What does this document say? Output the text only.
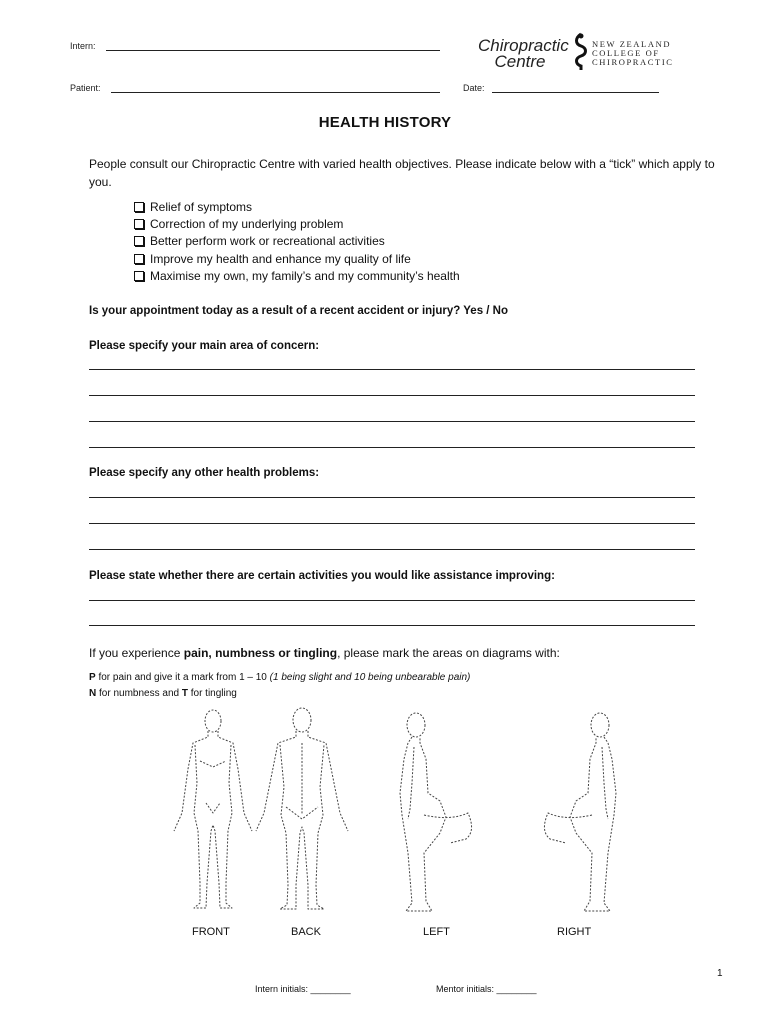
Intern:
Patient:	Date:
Chiropractic
Centre
NEW ZEALAND
COLLEGE OF
CHIROPRACTIC
HEALTH HISTORY
People consult our Chiropractic Centre with varied health objectives. Please indicate below with a “tick” which apply to you.
Relief of symptoms
Correction of my underlying problem
Better perform work or recreational activities
Improve my health and enhance my quality of life
Maximise my own, my family’s and my community’s health
Is your appointment today as a result of a recent accident or injury? Yes / No
Please specify your main area of concern:
Please specify any other health problems:
Please state whether there are certain activities you would like assistance improving:
If you experience pain, numbness or tingling, please mark the areas on diagrams with:
P for pain and give it a mark from 1 – 10 (1 being slight and 10 being unbearable pain)
N for numbness and T for tingling
FRONT	BACK	LEFT	RIGHT
1
Intern initials: ________	Mentor initials: ________
